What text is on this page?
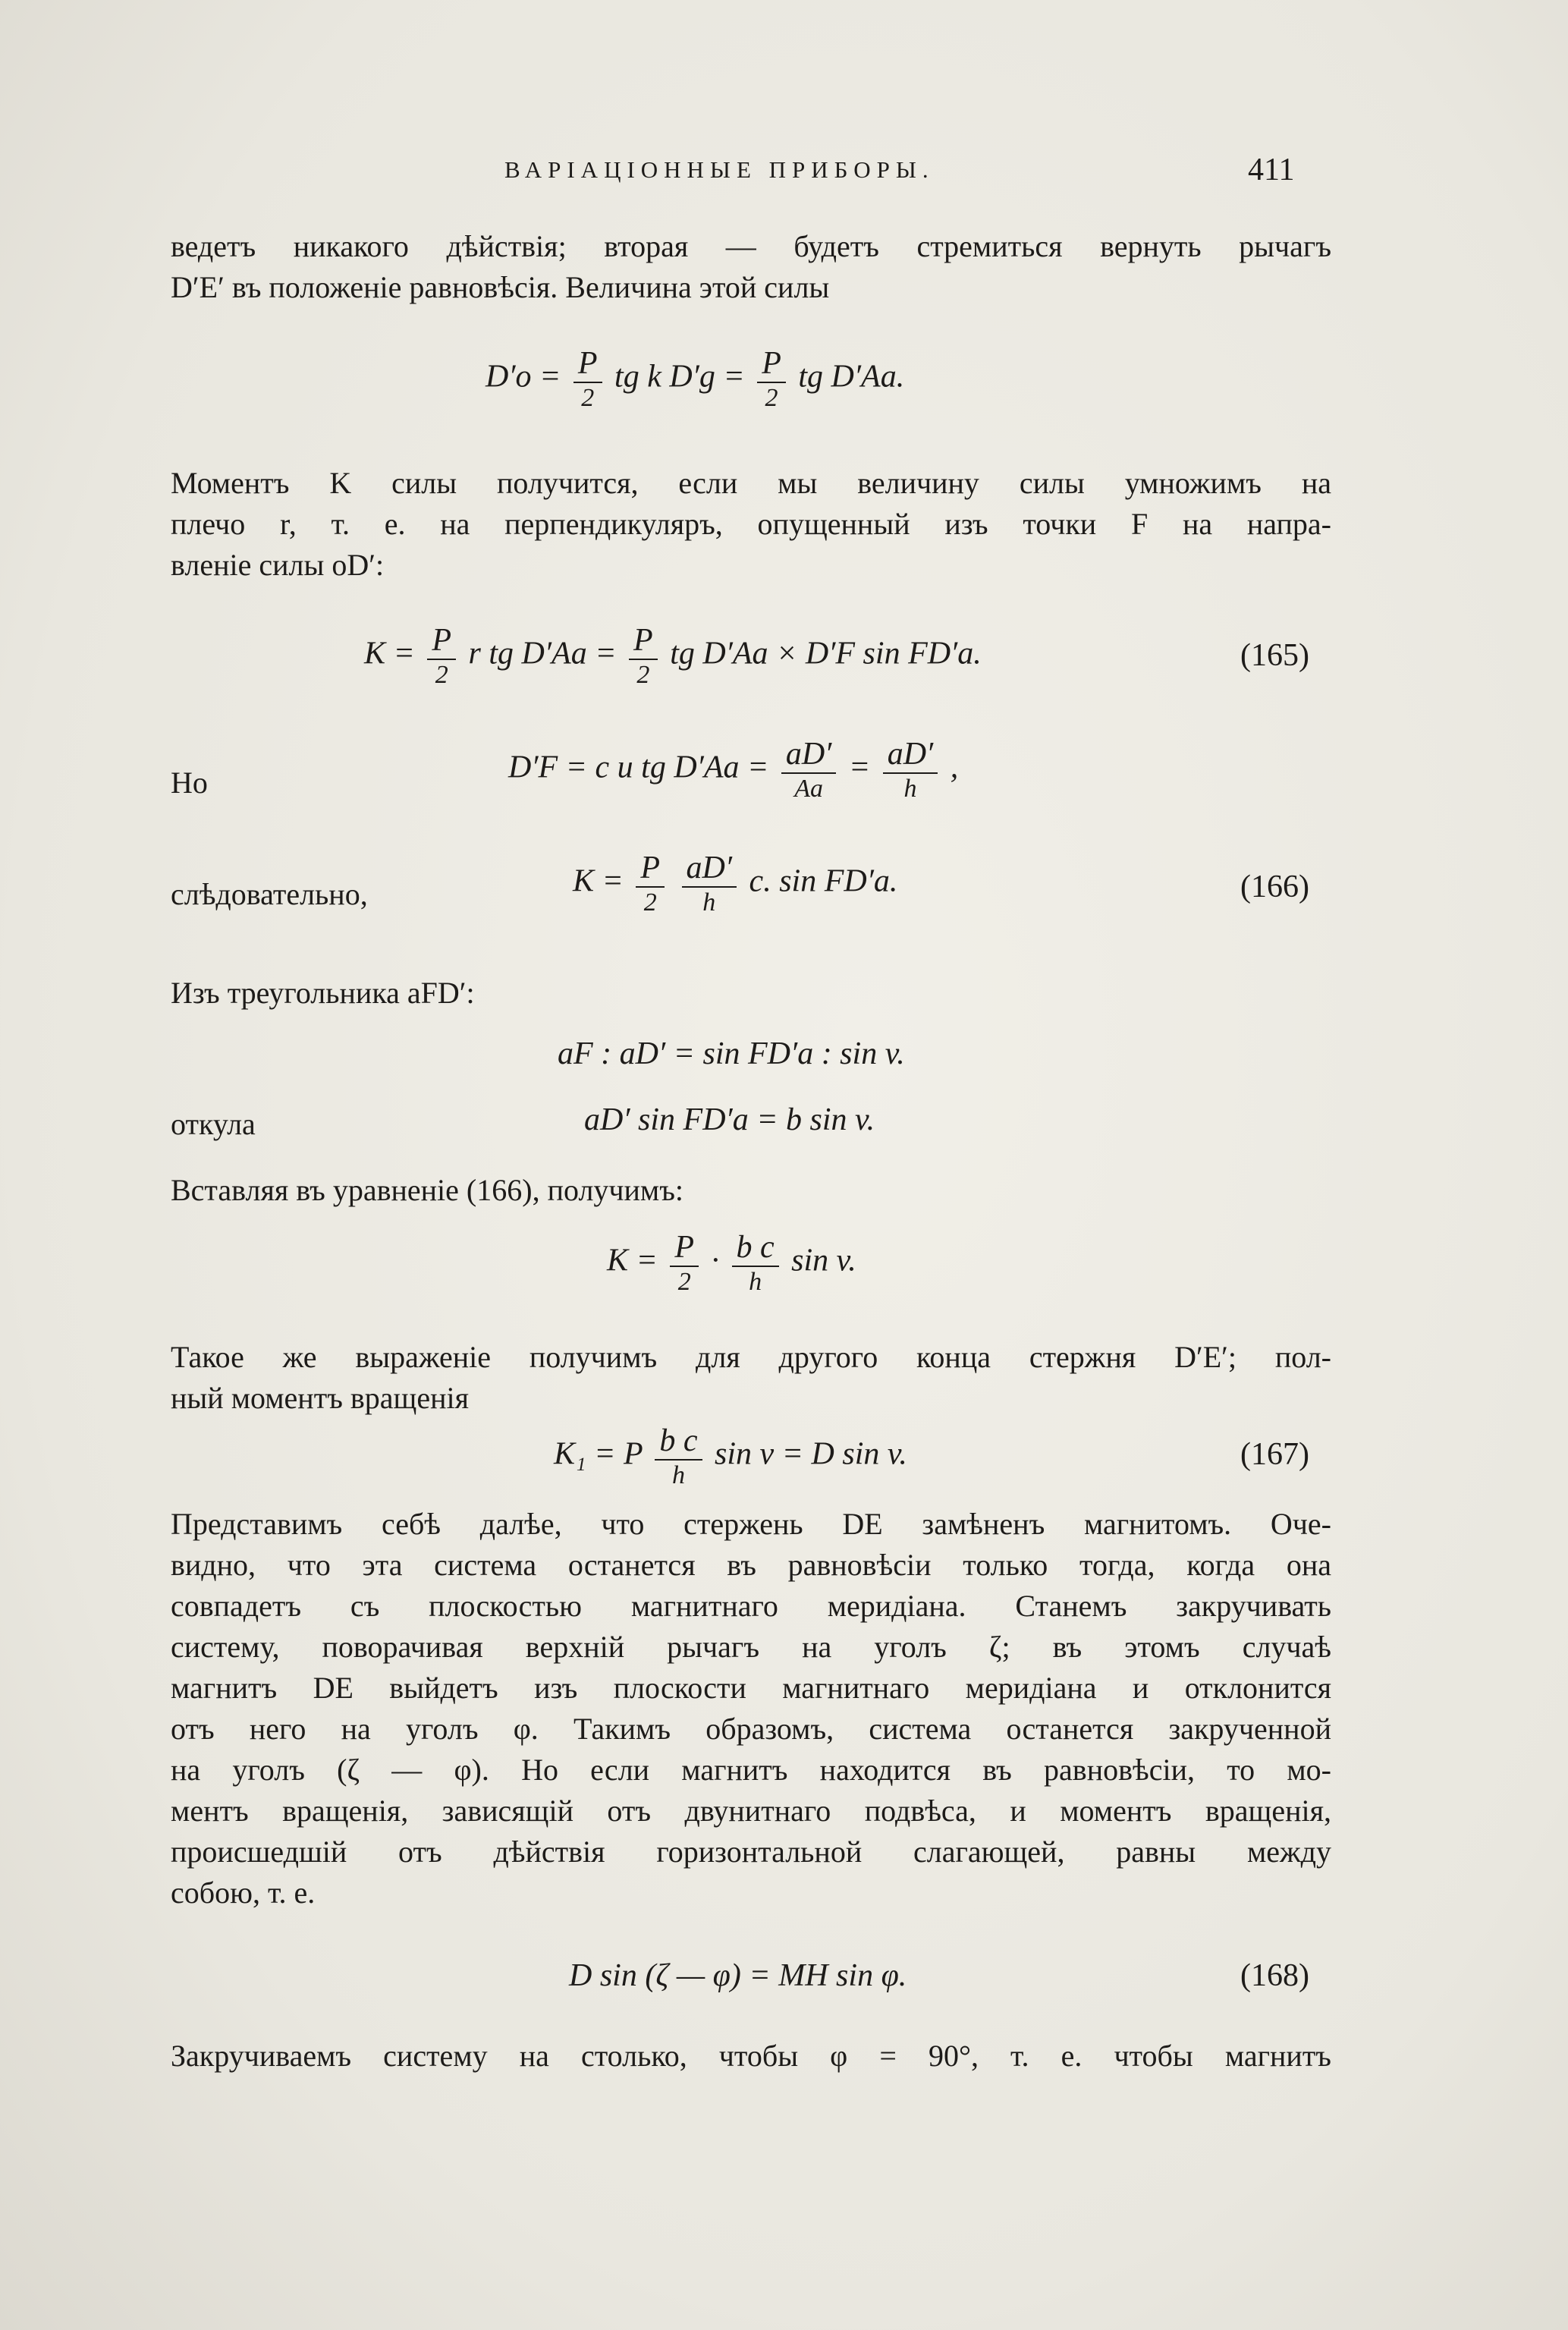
ВАРІАЦІОННЫЕ ПРИБОРЫ.	411
ведетъ никакого дѣйствія; вторая — будетъ стремиться вернуть рычагъ
D′E′ въ положеніе равновѣсія. Величина этой силы
$D'o = \frac{P}{2}$ tg k $D'g = \frac{P}{2}$ tg D′Aa.
Моментъ K силы получится, если мы величину силы умножимъ на
плечо r, т. е. на перпендикуляръ, опущенный изъ точки F на напра-
вленіе силы oD′:
$K = \frac{P}{2}$ r tg $D'Aa = \frac{P}{2}$ tg D′Aa × D′F sin FD′a.	(165)
Но	D′F = c и tg $D'Aa = \frac{aD'}{Aa} = \frac{aD'}{h}$ ,
слѣдовательно,	$K = \frac{P}{2}$
$\frac{aD'}{h} c$. sin FD′a.	(166)
Изъ треугольника aFD′:
aF : aD′ = sin FD′a : sin v.
откула	aD′ sin FD′a = b sin v.
Вставляя въ уравненіе (166), получимъ:
$K = \frac{P}{2} \cdot \frac{\text{b c}}{h}$ sin v.
Такое же выраженіе получимъ для другого конца стержня D′E′; пол-
ный моментъ вращенія
K₁ = P $\frac{\text{b c}}{h}$ sin v = D sin v.	(167)
Представимъ себѣ далѣе, что стержень DE замѣненъ магнитомъ. Оче-
видно, что эта система останется въ равновѣсіи только тогда, когда она
совпадетъ съ плоскостью магнитнаго меридіана. Станемъ закручивать
систему, поворачивая верхній рычагъ на уголъ ζ; въ этомъ случаѣ
магнитъ DE выйдетъ изъ плоскости магнитнаго меридіана и отклонится
отъ него на уголъ φ. Такимъ образомъ, система останется закрученной
на уголъ (ζ — φ). Но если магнитъ находится въ равновѣсіи, то мо-
ментъ вращенія, зависящій отъ двунитнаго подвѣса, и моментъ вращенія,
происшедшій отъ дѣйствія горизонтальной слагающей, равны между
собою, т. е.
D sin (ζ — φ) = MH sin φ.	(168)
Закручиваемъ систему на столько, чтобы φ = 90°, т. е. чтобы магнитъ
